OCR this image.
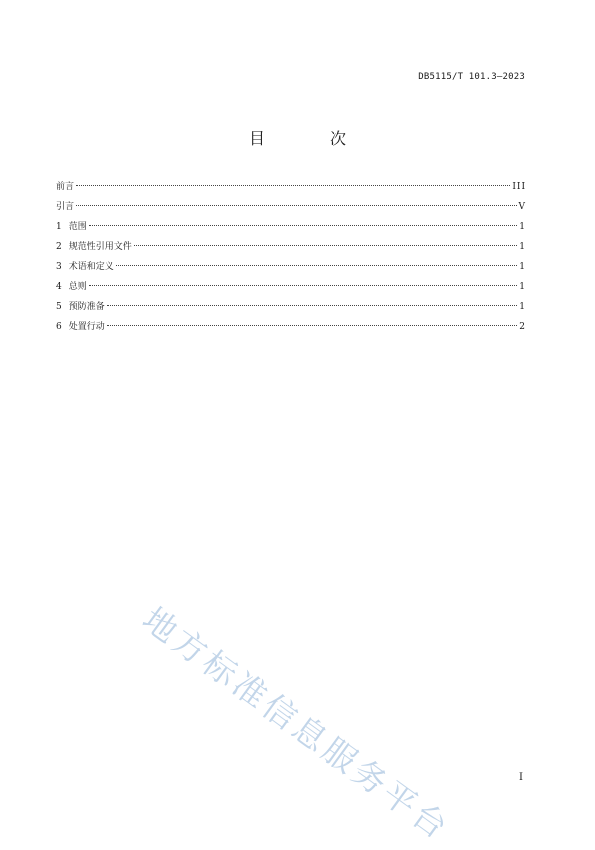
DB5115/T 101.3—2023
目 次
前言	III
引言	V
1 范围	1
2 规范性引用文件	1
3 术语和定义	1
4 总则	1
5 预防准备	1
6 处置行动	2
地方标准信息服务平台	I
